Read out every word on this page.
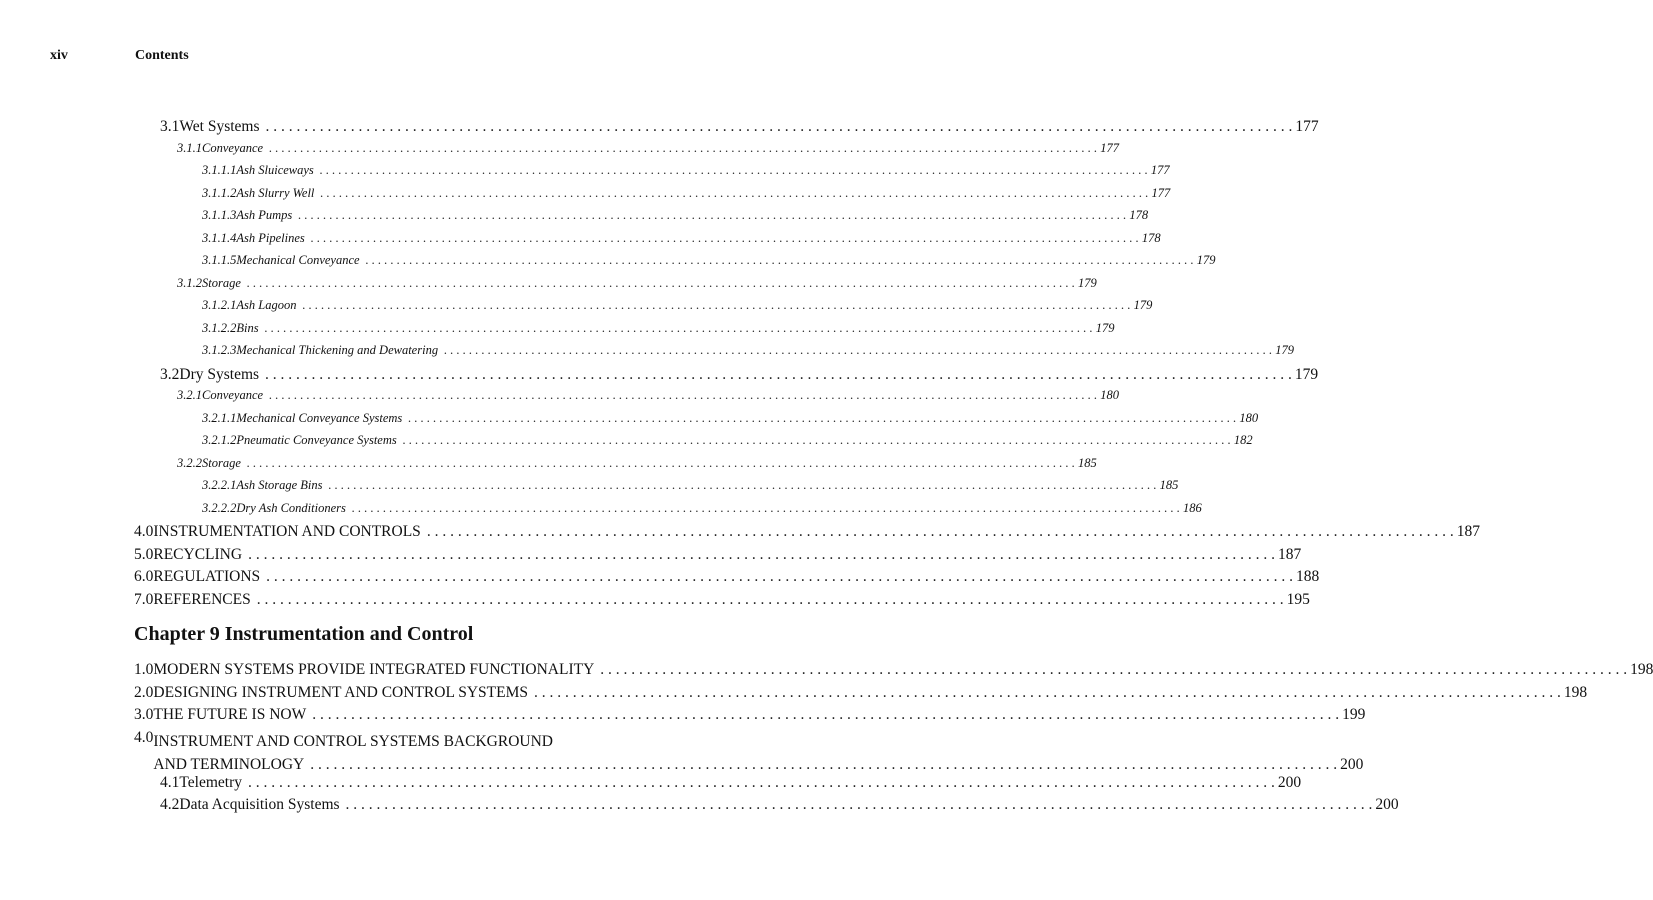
xiv	Contents
3.1 Wet Systems . . .	177
3.1.1 Conveyance . . .	177
3.1.1.1 Ash Sluiceways . . .	177
3.1.1.2 Ash Slurry Well . . .	177
3.1.1.3 Ash Pumps . . .	178
3.1.1.4 Ash Pipelines . . .	178
3.1.1.5 Mechanical Conveyance . . .	179
3.1.2 Storage . . .	179
3.1.2.1 Ash Lagoon . . .	179
3.1.2.2 Bins . . .	179
3.1.2.3 Mechanical Thickening and Dewatering . . .	179
3.2 Dry Systems . . .	179
3.2.1 Conveyance . . .	180
3.2.1.1 Mechanical Conveyance Systems . . .	180
3.2.1.2 Pneumatic Conveyance Systems . . .	182
3.2.2 Storage . . .	185
3.2.2.1 Ash Storage Bins . . .	185
3.2.2.2 Dry Ash Conditioners . . .	186
4.0 INSTRUMENTATION AND CONTROLS . . .	187
5.0 RECYCLING . . .	187
6.0 REGULATIONS . . .	188
7.0 REFERENCES . . .	195
Chapter 9 Instrumentation and Control
1.0 MODERN SYSTEMS PROVIDE INTEGRATED FUNCTIONALITY . . .	198
2.0 DESIGNING INSTRUMENT AND CONTROL SYSTEMS . . .	198
3.0 THE FUTURE IS NOW . . .	199
4.0 INSTRUMENT AND CONTROL SYSTEMS BACKGROUND
AND TERMINOLOGY . . .	200
4.1 Telemetry . . .	200
4.2 Data Acquisition Systems . . .	200
